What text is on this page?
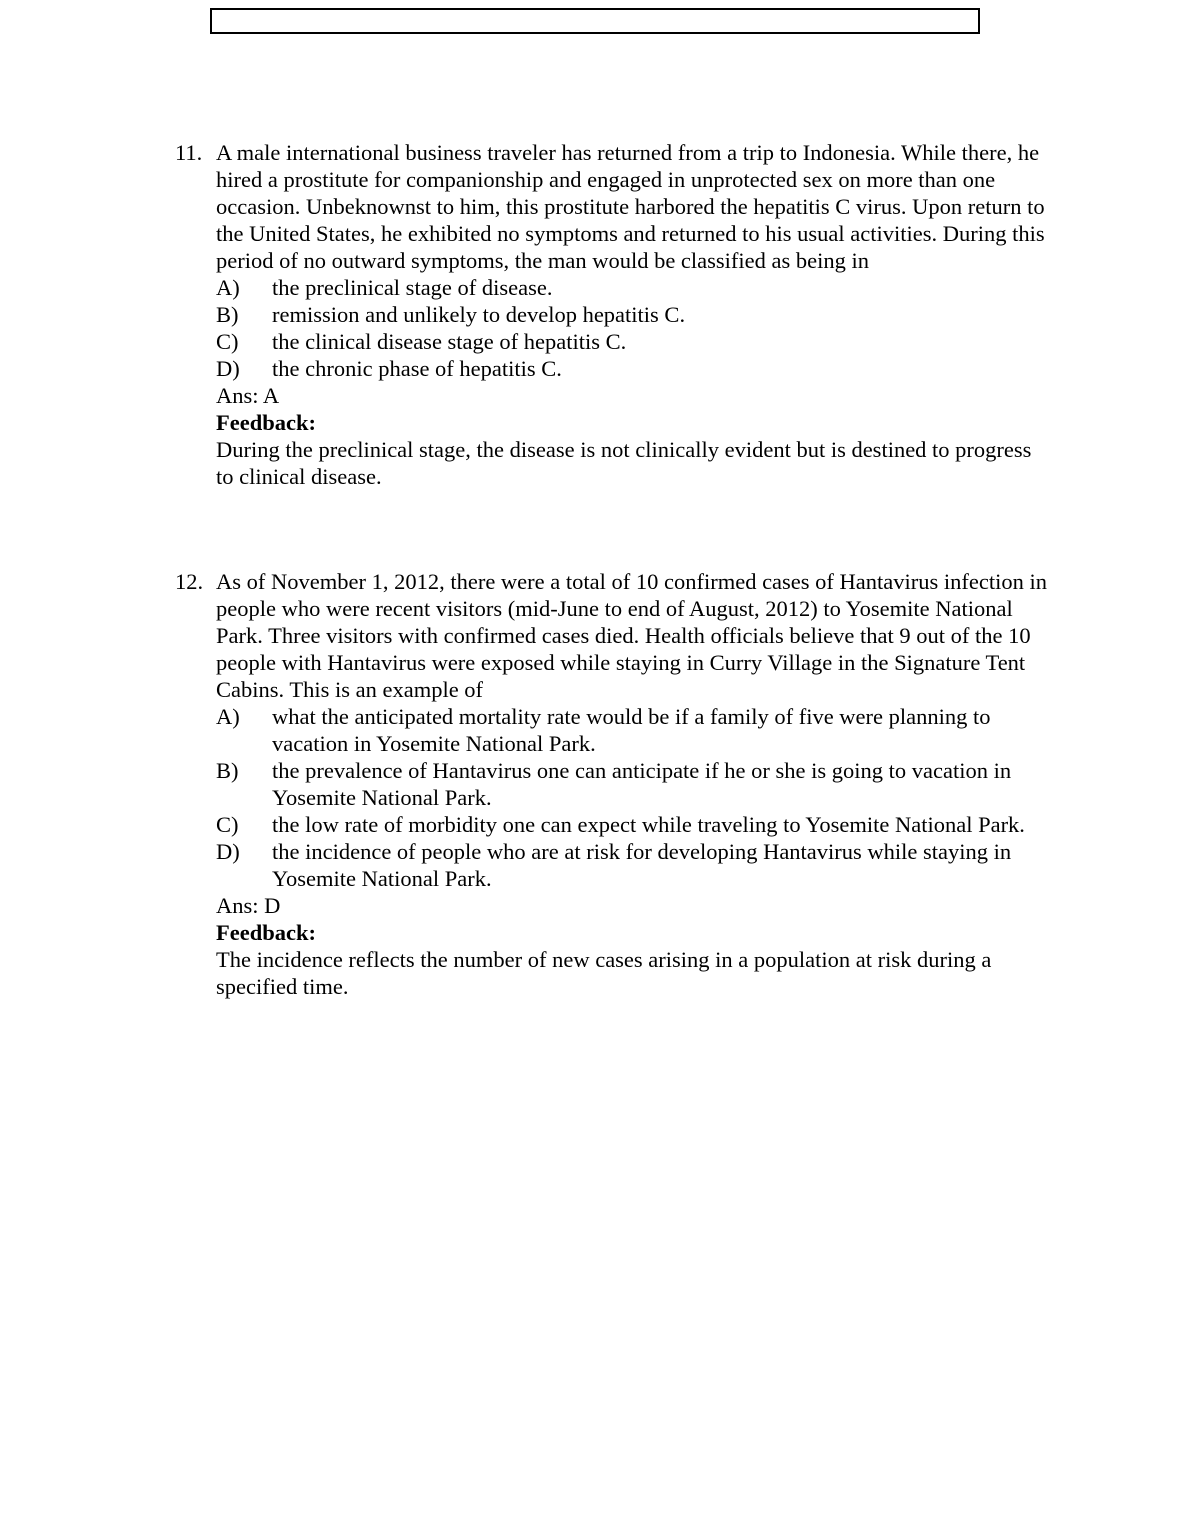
11. A male international business traveler has returned from a trip to Indonesia. While there, he hired a prostitute for companionship and engaged in unprotected sex on more than one occasion. Unbeknownst to him, this prostitute harbored the hepatitis C virus. Upon return to the United States, he exhibited no symptoms and returned to his usual activities. During this period of no outward symptoms, the man would be classified as being in

A)	the preclinical stage of disease.
B)	remission and unlikely to develop hepatitis C.
C)	the clinical disease stage of hepatitis C.
D)	the chronic phase of hepatitis C.

Ans: A

Feedback:

During the preclinical stage, the disease is not clinically evident but is destined to progress to clinical disease.

12. As of November 1, 2012, there were a total of 10 confirmed cases of Hantavirus infection in people who were recent visitors (mid-June to end of August, 2012) to Yosemite National Park. Three visitors with confirmed cases died. Health officials believe that 9 out of the 10 people with Hantavirus were exposed while staying in Curry Village in the Signature Tent Cabins. This is an example of

A)	what the anticipated mortality rate would be if a family of five were planning to vacation in Yosemite National Park.
B)	the prevalence of Hantavirus one can anticipate if he or she is going to vacation in Yosemite National Park.
C)	the low rate of morbidity one can expect while traveling to Yosemite National Park.
D)	the incidence of people who are at risk for developing Hantavirus while staying in Yosemite National Park.

Ans: D

Feedback:

The incidence reflects the number of new cases arising in a population at risk during a specified time.
